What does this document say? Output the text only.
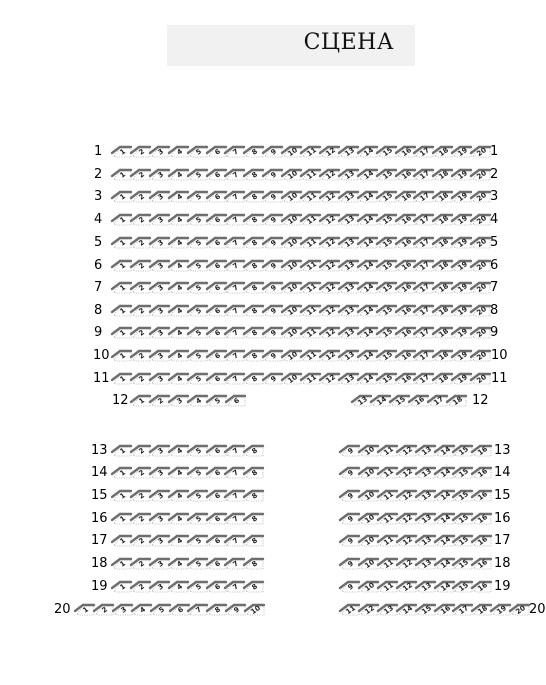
СЦЕНА
1	1
1	2	3	4	5	6	7	8	9	10 11 12 13 14 15 16 17 18 19 20
2	2
1	2	3	4	5	6	7	8	9	10 11 12 13 14 15 16 17 18 19 20
3	3
1	2	3	4	5	6	7	8	9	10 11 12 13 14 15 16 17 18 19 20
4	4
1	2	3	4	5	6	7	8	9	10 11 12 13 14 15 16 17 18 19 20
5	5
1	2	3	4	5	6	7	8	9	10 11 12 13 14 15 16 17 18 19 20
6	6
1	2	3	4	5	6	7	8	9	10 11 12 13 14 15 16 17 18 19 20
7	7
1	2	3	4	5	6	7	8	9	10 11 12 13 14 15 16 17 18 19 20
8	8
1	2	3	4	5	6	7	8	9	10 11 12 13 14 15 16 17 18 19 20
9	9
1	2	3	4	5	6	7	8	9	10 11 12 13 14 15 16 17 18 19 20
10	10
1	2	3	4	5	6	7	8	9	10 11 12 13 14 15 16 17 18 19 20
11	11
1	2	3	4	5	6	7	8	9	10 11 12 13 14 15 16 17 18 19 20
12	12
1	2	3	4	5	6	13 14 15 16 17 18
13	13
1	2	3	4	5	6	7	8	9	10 11 12 13 14 15 16
14	14
1	2	3	4	5	6	7	8	9	10 11 12 13 14 15 16
15	15
1	2	3	4	5	6	7	8	9	10 11 12 13 14 15 16
16	16
1	2	3	4	5	6	7	8	9	10 11 12 13 14 15 16
17	17
1	2	3	4	5	6	7	8	9	10 11 12 13 14 15 16
18	18
1	2	3	4	5	6	7	8	9	10 11 12 13 14 15 16
19	19
1	2	3	4	5	6	7	8	9	10 11 12 13 14 15 16
20	20
1	2	3	4	5	6	7	8	9	10	11 12 13 14 15 16 17 18 19 20
